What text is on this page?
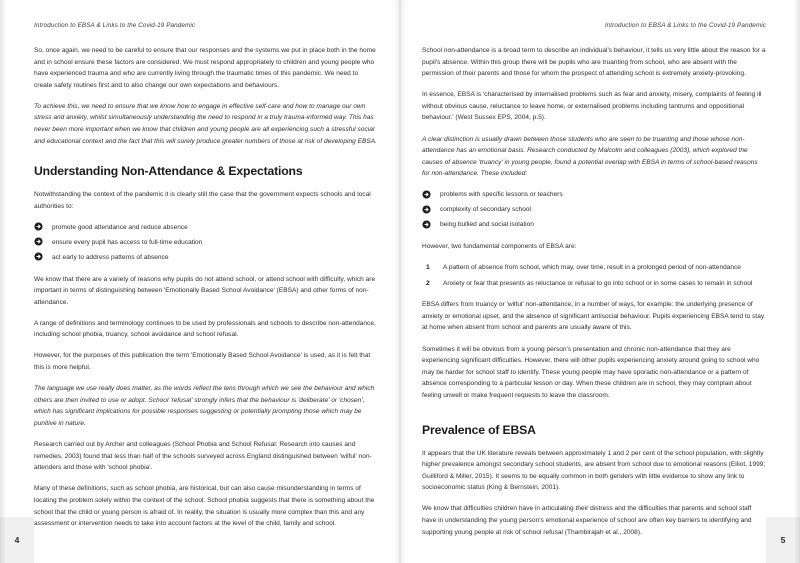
Introduction to EBSA & Links to the Covid-19 Pandemic

So, once again, we need to be careful to ensure that our responses and the systems we put in place both in the home and in school ensure these factors are considered. We must respond appropriately to children and young people who have experienced trauma and who are currently living through the traumatic times of this pandemic. We need to create safety routines first and to also change our own expectations and behaviours.

To achieve this, we need to ensure that we know how to engage in effective self-care and how to manage our own stress and anxiety, whilst simultaneously understanding the need to respond in a truly trauma-informed way. This has never been more important when we know that children and young people are all experiencing such a stressful social and educational context and the fact that this will surely produce greater numbers of those at risk of developing EBSA.

Understanding Non-Attendance & Expectations

Notwithstanding the context of the pandemic it is clearly still the case that the government expects schools and local authorities to:

promote good attendance and reduce absence
ensure every pupil has access to full-time education
act early to address patterns of absence

We know that there are a variety of reasons why pupils do not attend school, or attend school with difficulty, which are important in terms of distinguishing between 'Emotionally Based School Avoidance' (EBSA) and other forms of non-attendance.

A range of definitions and terminology continues to be used by professionals and schools to describe non-attendance, including school phobia, truancy, school avoidance and school refusal.

However, for the purposes of this publication the term 'Emotionally Based School Avoidance' is used, as it is felt that this is more helpful.

The language we use really does matter, as the words reflect the lens through which we see the behaviour and which others are then invited to use or adopt. School 'refusal' strongly infers that the behaviour is 'deliberate' or 'chosen', which has significant implications for possible responses suggesting or potentially prompting those which may be punitive in nature.

Research carried out by Archer and colleagues (School Phobia and School Refusal: Research into causes and remedies, 2003) found that less than half of the schools surveyed across England distinguished between 'wilful' non-attenders and those with 'school phobia'.

Many of these definitions, such as school phobia, are historical, but can also cause misunderstanding in terms of locating the problem solely within the context of the school. School phobia suggests that there is something about the school that the child or young person is afraid of. In reality, the situation is usually more complex than this and any assessment or intervention needs to take into account factors at the level of the child, family and school.

4
Introduction to EBSA & Links to the Covid-19 Pandemic

School non-attendance is a broad term to describe an individual's behaviour, it tells us very little about the reason for a pupil's absence. Within this group there will be pupils who are truanting from school, who are absent with the permission of their parents and those for whom the prospect of attending school is extremely anxiety-provoking.

In essence, EBSA is 'characterised by internalised problems such as fear and anxiety, misery, complaints of feeling ill without obvious cause, reluctance to leave home, or externalised problems including tantrums and oppositional behaviour.' (West Sussex EPS, 2004, p.5).

A clear distinction is usually drawn between those students who are seen to be truanting and those whose non-attendance has an emotional basis. Research conducted by Malcolm and colleagues (2003), which explored the causes of absence 'truancy' in young people, found a potential overlap with EBSA in terms of school-based reasons for non-attendance. These included:

problems with specific lessons or teachers
complexity of secondary school
being bullied and social isolation

However, two fundamental components of EBSA are:

1 A pattern of absence from school, which may, over time, result in a prolonged period of non-attendance
2 Anxiety or fear that presents as reluctance or refusal to go into school or in some cases to remain in school

EBSA differs from truancy or 'wilful' non-attendance, in a number of ways, for example: the underlying presence of anxiety or emotional upset, and the absence of significant antisocial behaviour. Pupils experiencing EBSA tend to stay at home when absent from school and parents are usually aware of this.

Sometimes it will be obvious from a young person's presentation and chronic non-attendance that they are experiencing significant difficulties. However, there will other pupils experiencing anxiety around going to school who may be harder for school staff to identify. These young people may have sporadic non-attendance or a pattern of absence corresponding to a particular lesson or day. When these children are in school, they may complain about feeling unwell or make frequent requests to leave the classroom.

Prevalence of EBSA

It appears that the UK literature reveals between approximately 1 and 2 per cent of the school population, with slightly higher prevalence amongst secondary school students, are absent from school due to emotional reasons (Elliot, 1999; Guilliford & Miller, 2015). It seems to be equally common in both genders with little evidence to show any link to socioeconomic status (King & Bernstein, 2001).

We know that difficulties children have in articulating their distress and the difficulties that parents and school staff have in understanding the young person's emotional experience of school are often key barriers to identifying and supporting young people at risk of school refusal (Thambirajah et al., 2008).

5
